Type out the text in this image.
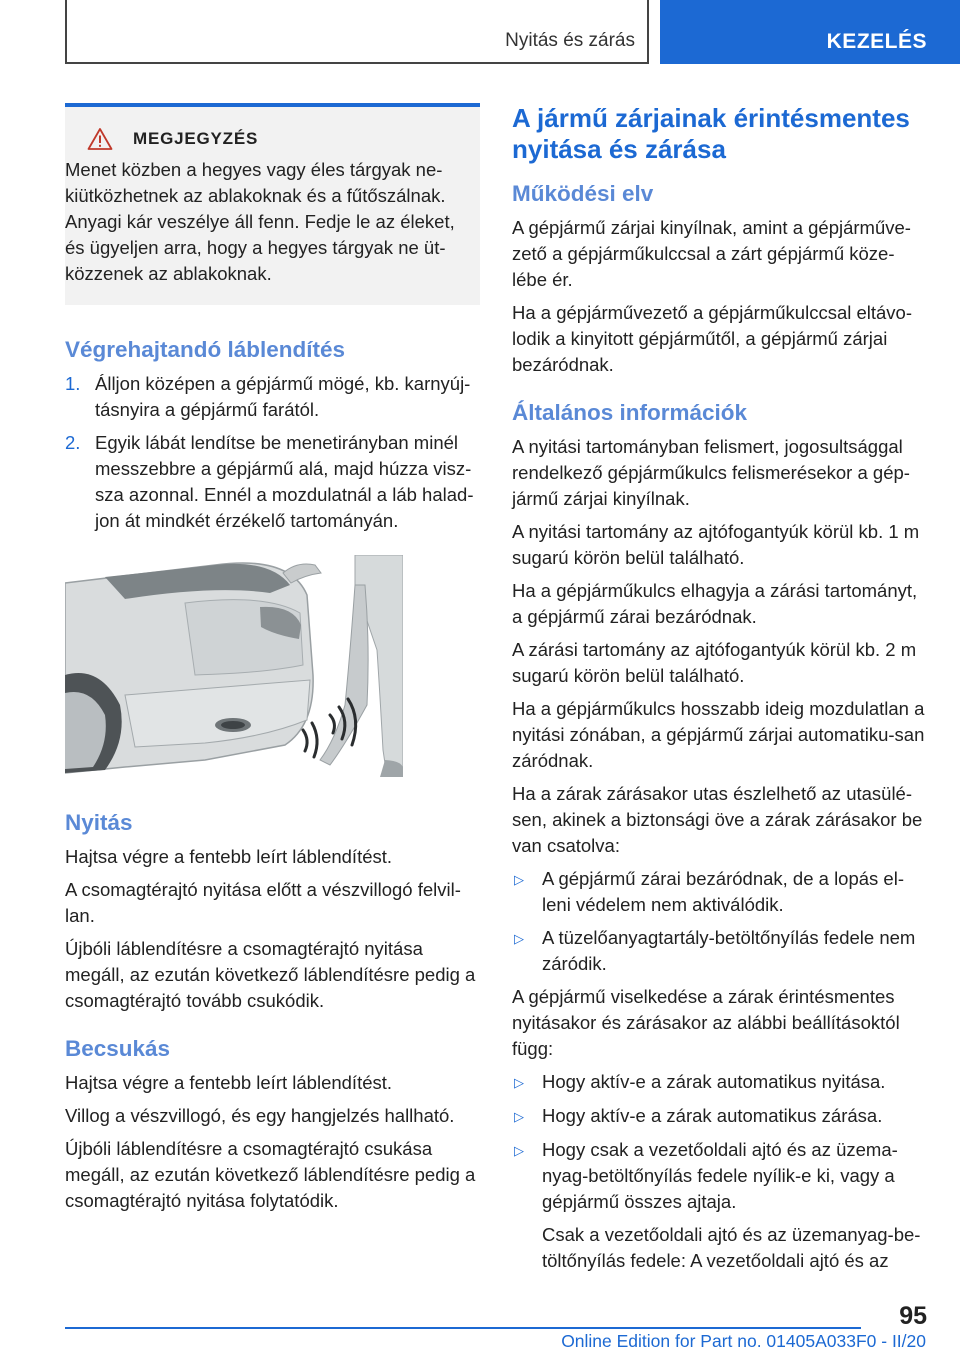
Nyitás és zárás	KEZELÉS
MEGJEGYZÉS
Menet közben a hegyes vagy éles tárgyak ne-kiütközhetnek az ablakoknak és a fűtőszálnak. Anyagi kár veszélye áll fenn. Fedje le az éleket, és ügyeljen arra, hogy a hegyes tárgyak ne üt-közzenek az ablakoknak.
Végrehajtandó láblendítés
1. Álljon középen a gépjármű mögé, kb. karnyúj-tásnyira a gépjármű farától.
2. Egyik lábát lendítse be menetirányban minél messzebbre a gépjármű alá, majd húzza visz-sza azonnal. Ennél a mozdulatnál a láb halad-jon át mindkét érzékelő tartományán.
Nyitás

Hajtsa végre a fentebb leírt láblendítést.

A csomagtérajtó nyitása előtt a vészvillogó felvil-lan.

Újbóli láblendítésre a csomagtérajtó nyitása megáll, az ezután következő láblendítésre pedig a csomagtérajtó tovább csukódik.

Becsukás

Hajtsa végre a fentebb leírt láblendítést.

Villog a vészvillogó, és egy hangjelzés hallható.

Újbóli láblendítésre a csomagtérajtó csukása megáll, az ezután következő láblendítésre pedig a csomagtérajtó nyitása folytatódik.

A jármű zárjainak érintésmentes nyitása és zárása
Működési elv

A gépjármű zárjai kinyílnak, amint a gépjárműve-zető a gépjárműkulccsal a zárt gépjármű köze-lébe ér.

Ha a gépjárművezető a gépjárműkulccsal eltávo-lodik a kinyitott gépjárműtől, a gépjármű zárjai bezáródnak.

Általános információk

A nyitási tartományban felismert, jogosultsággal rendelkező gépjárműkulcs felismerésekor a gép-jármű zárjai kinyílnak.

A nyitási tartomány az ajtófogantyúk körül kb. 1 m sugarú körön belül található.

Ha a gépjárműkulcs elhagyja a zárási tartományt, a gépjármű zárai bezáródnak.

A zárási tartomány az ajtófogantyúk körül kb. 2 m sugarú körön belül található.

Ha a gépjárműkulcs hosszabb ideig mozdulatlan a nyitási zónában, a gépjármű zárjai automatiku-san záródnak.

Ha a zárak zárásakor utas észlelhető az utasülé-sen, akinek a biztonsági öve a zárak zárásakor be van csatolva:

▷ A gépjármű zárai bezáródnak, de a lopás el-leni védelem nem aktiválódik.
▷ A tüzelőanyagtartály-betöltőnyílás fedele nem záródik.

A gépjármű viselkedése a zárak érintésmentes nyitásakor és zárásakor az alábbi beállításoktól függ:

▷ Hogy aktív-e a zárak automatikus nyitása.
▷ Hogy aktív-e a zárak automatikus zárása.
▷ Hogy csak a vezetőoldali ajtó és az üzema-nyag-betöltőnyílás fedele nyílik-e ki, vagy a gépjármű összes ajtaja.
Csak a vezetőoldali ajtó és az üzemanyag-be-töltőnyílás fedele: A vezetőoldali ajtó és az
95
Online Edition for Part no. 01405A033F0 - II/20
